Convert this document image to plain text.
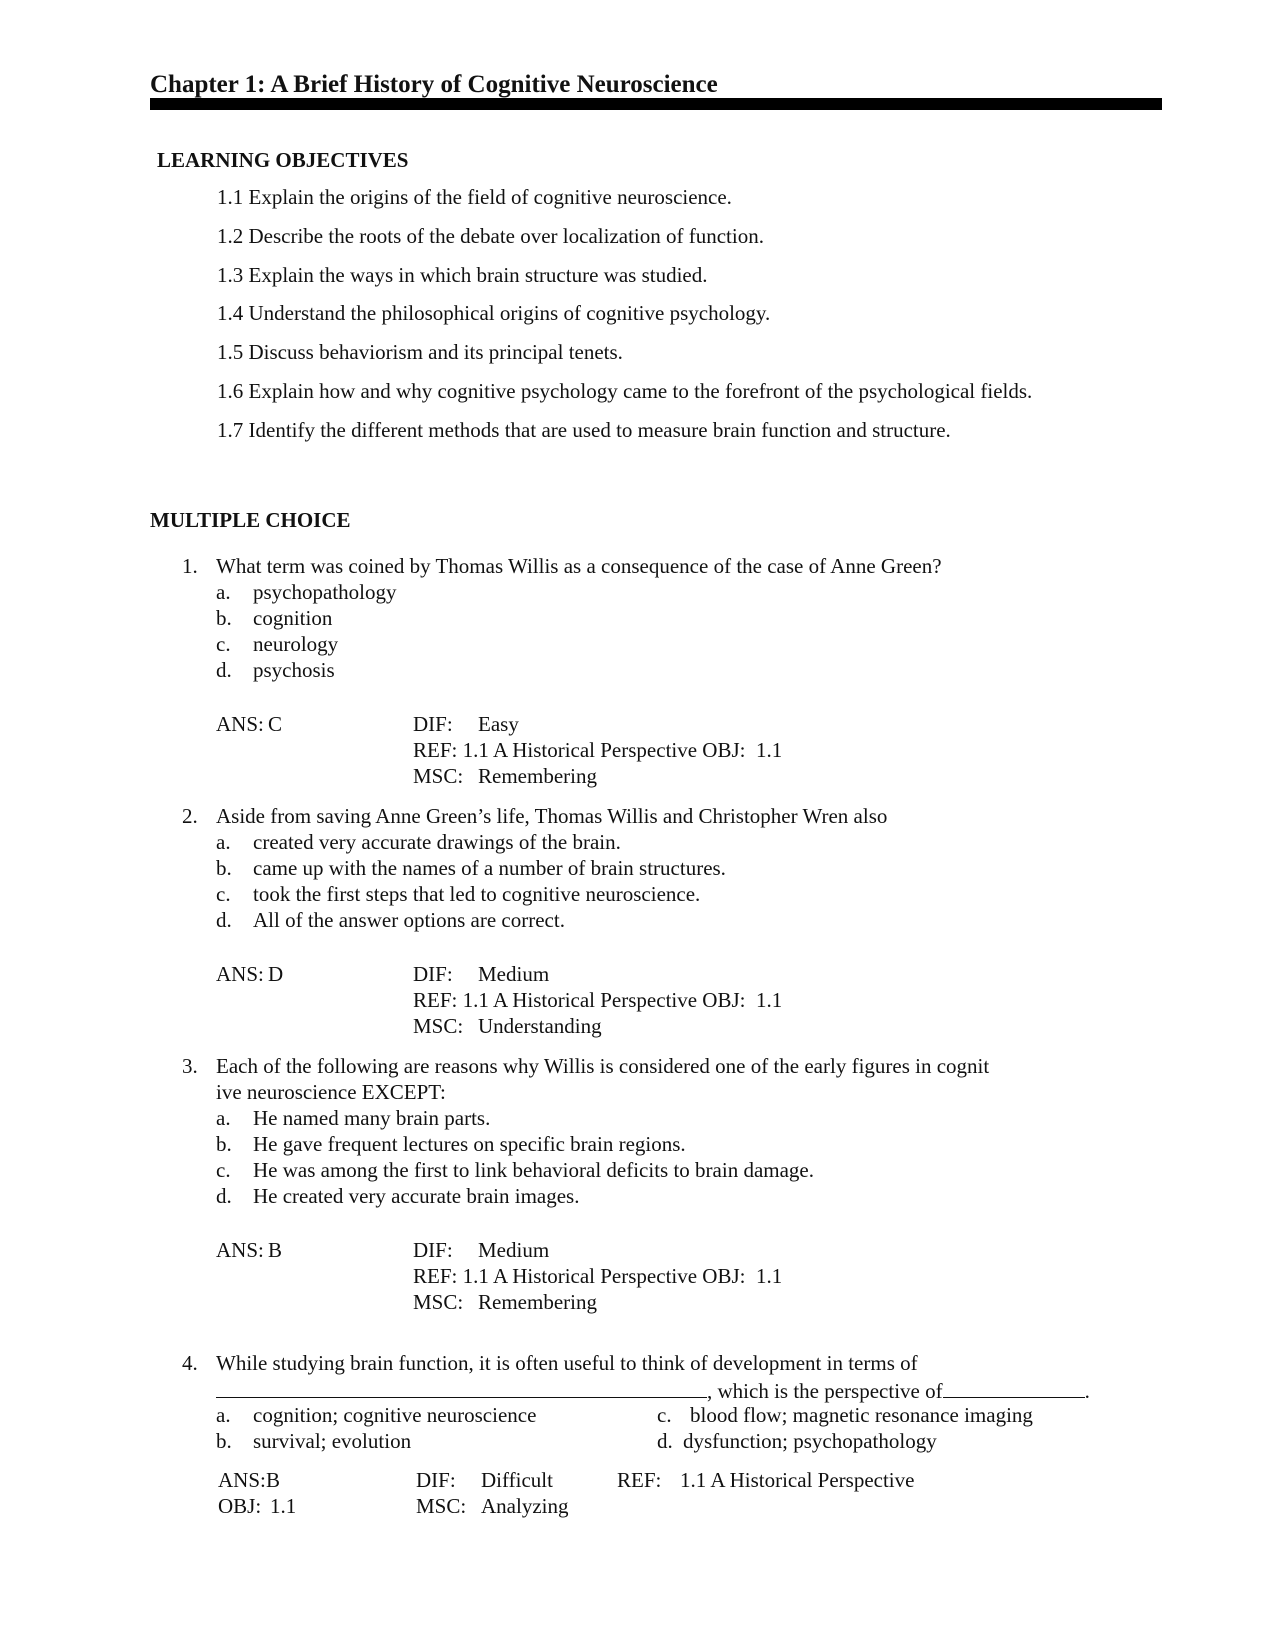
Chapter 1: A Brief History of Cognitive Neuroscience
LEARNING OBJECTIVES
1.1 Explain the origins of the field of cognitive neuroscience.
1.2 Describe the roots of the debate over localization of function.
1.3 Explain the ways in which brain structure was studied.
1.4 Understand the philosophical origins of cognitive psychology.
1.5 Discuss behaviorism and its principal tenets.
1.6 Explain how and why cognitive psychology came to the forefront of the psychological fields.
1.7 Identify the different methods that are used to measure brain function and structure.
MULTIPLE CHOICE
1. What term was coined by Thomas Willis as a consequence of the case of Anne Green?
a. psychopathology
b. cognition
c. neurology
d. psychosis
ANS: C	DIF: Easy
REF: 1.1 A Historical Perspective OBJ:  1.1
MSC: Remembering
2. Aside from saving Anne Green’s life, Thomas Willis and Christopher Wren also
a. created very accurate drawings of the brain.
b. came up with the names of a number of brain structures.
c. took the first steps that led to cognitive neuroscience.
d. All of the answer options are correct.
ANS: D	DIF: Medium
REF: 1.1 A Historical Perspective OBJ:  1.1
MSC: Understanding
3. Each of the following are reasons why Willis is considered one of the early figures in cognit
ive neuroscience EXCEPT:
a. He named many brain parts.
b. He gave frequent lectures on specific brain regions.
c. He was among the first to link behavioral deficits to brain damage.
d. He created very accurate brain images.
ANS: B	DIF: Medium
REF: 1.1 A Historical Perspective OBJ:  1.1
MSC: Remembering
4. While studying brain function, it is often useful to think of development in terms of
, which is the perspective of	.
a. cognition; cognitive neuroscience
b. survival; evolution
c. blood flow; magnetic resonance imaging
d. dysfunction; psychopathology
ANS: B	DIF: Difficult	REF: 1.1 A Historical Perspective
OBJ: 1.1	MSC: Analyzing
